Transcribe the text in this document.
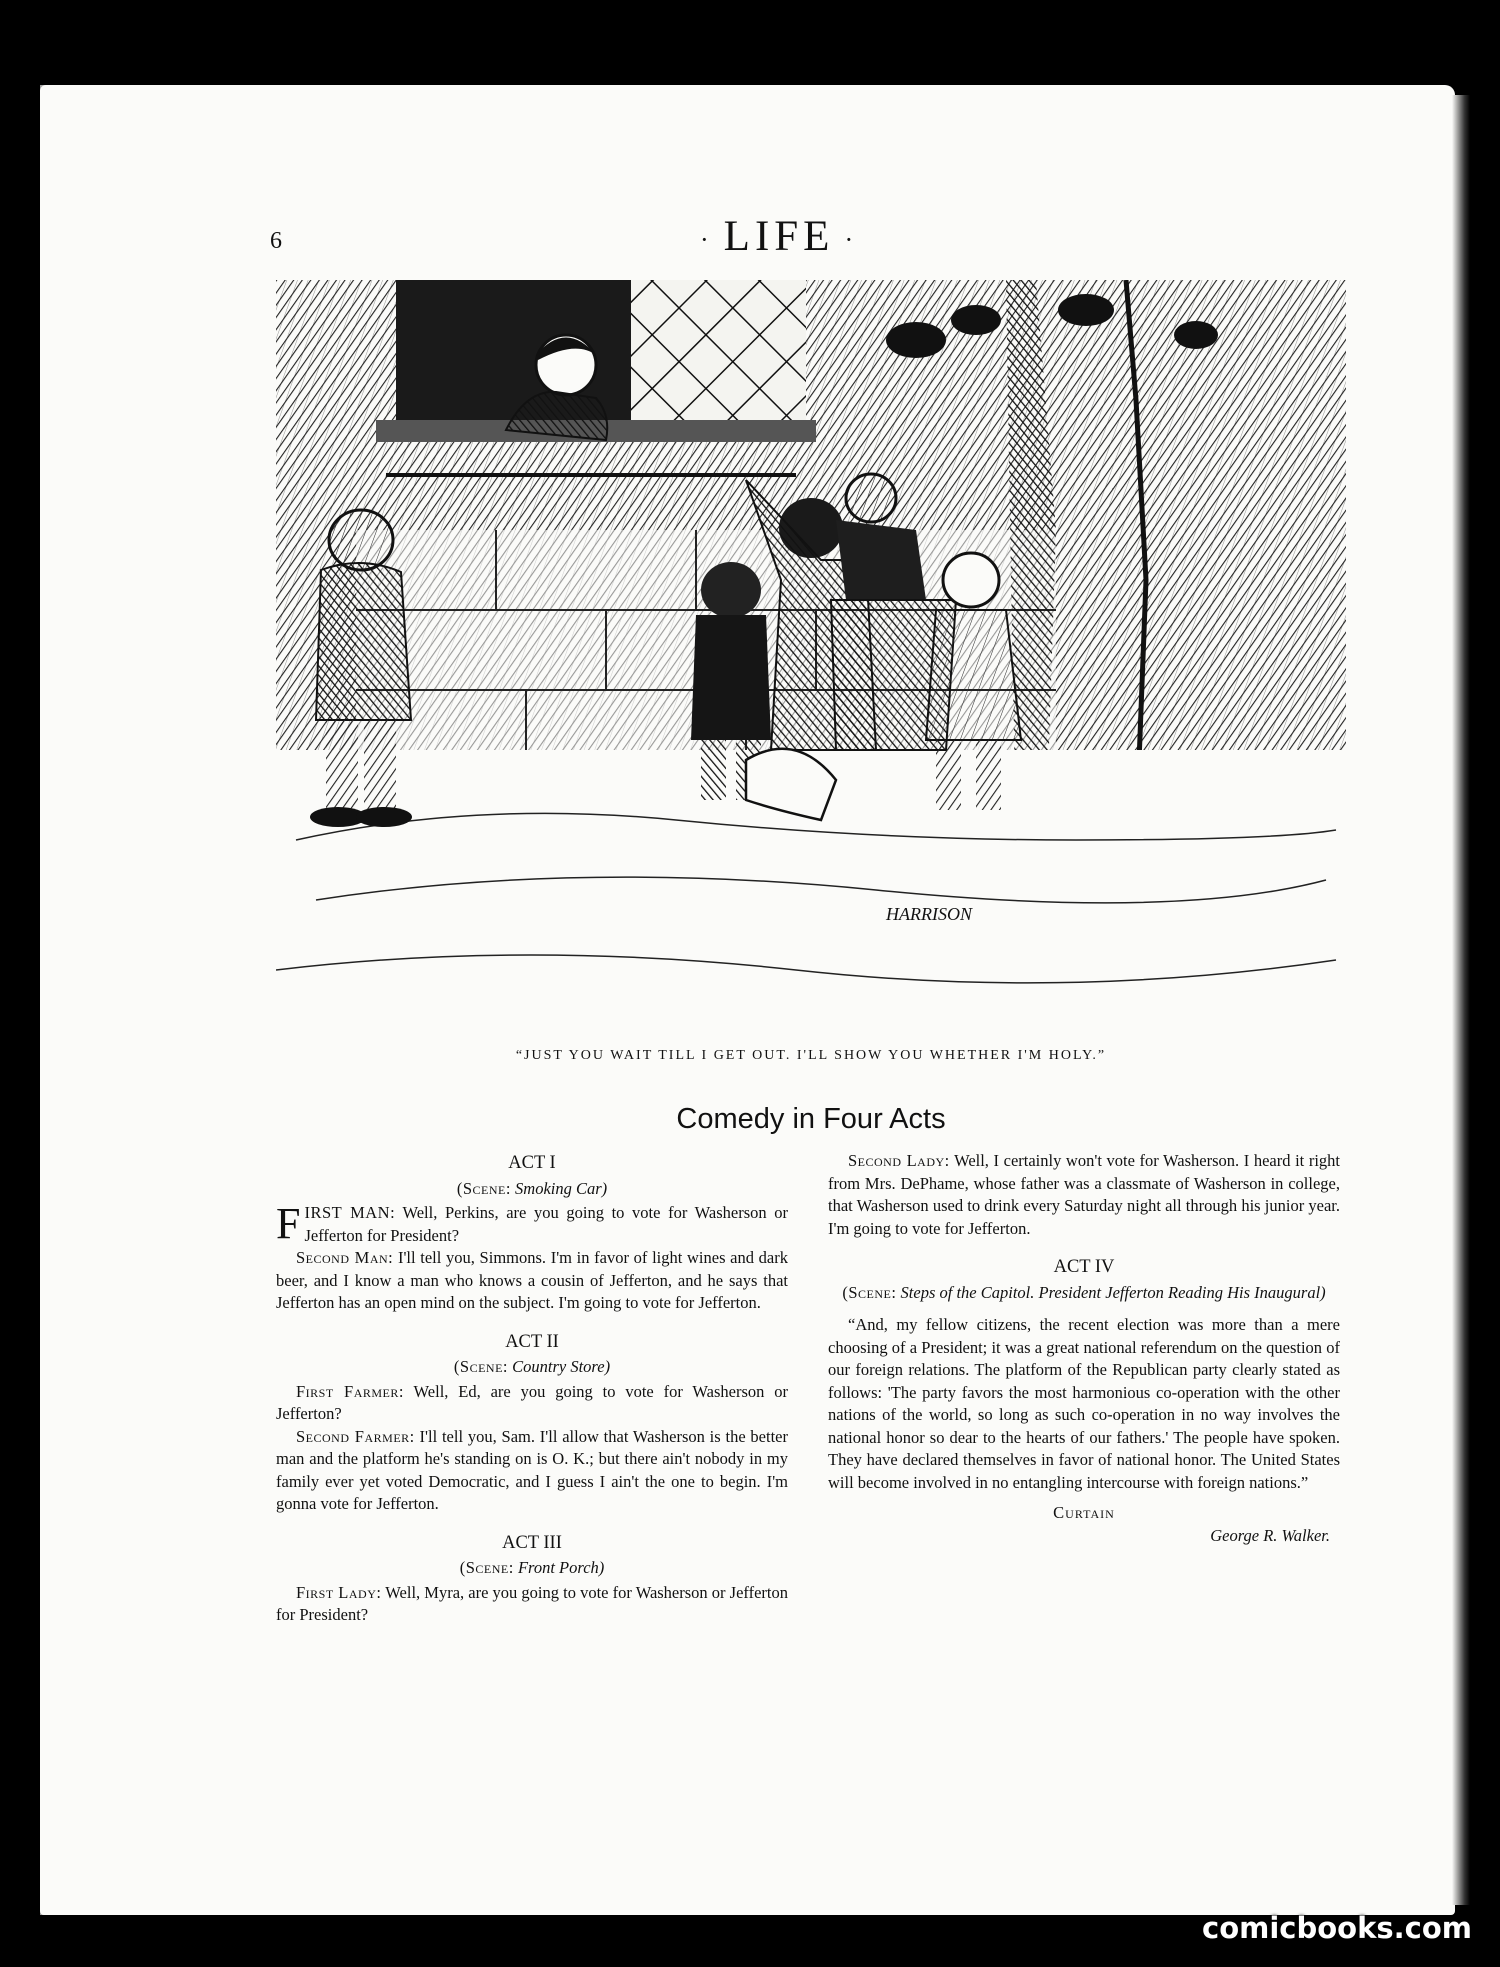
6	· LIFE ·
HARRISON
“JUST YOU WAIT TILL I GET OUT. I'LL SHOW YOU WHETHER I'M HOLY.”
Comedy in Four Acts
ACT I
(Scene: Smoking Car)

FIRST MAN: Well, Perkins, are you going to vote for Washerson or Jefferton for President?

Second Man: I'll tell you, Simmons. I'm in favor of light wines and dark beer, and I know a man who knows a cousin of Jefferton, and he says that Jefferton has an open mind on the subject. I'm going to vote for Jefferton.

ACT II
(Scene: Country Store)

First Farmer: Well, Ed, are you going to vote for Washerson or Jefferton?

Second Farmer: I'll tell you, Sam. I'll allow that Washerson is the better man and the platform he's standing on is O. K.; but there ain't nobody in my family ever yet voted Democratic, and I guess I ain't the one to begin. I'm gonna vote for Jefferton.

ACT III
(Scene: Front Porch)

First Lady: Well, Myra, are you going to vote for Washerson or Jefferton for President?

Second Lady: Well, I certainly won't vote for Washerson. I heard it right from Mrs. DePhame, whose father was a classmate of Washerson in college, that Washerson used to drink every Saturday night all through his junior year. I'm going to vote for Jefferton.

ACT IV
(Scene: Steps of the Capitol. President Jefferton Reading His Inaugural)

“And, my fellow citizens, the recent election was more than a mere choosing of a President; it was a great national referendum on the question of our foreign relations. The platform of the Republican party clearly stated as follows: 'The party favors the most harmonious co-operation with the other nations of the world, so long as such co-operation in no way involves the national honor so dear to the hearts of our fathers.' The people have spoken. They have declared themselves in favor of national honor. The United States will become involved in no entangling intercourse with foreign nations.”

Curtain
George R. Walker.
comicbooks.com
